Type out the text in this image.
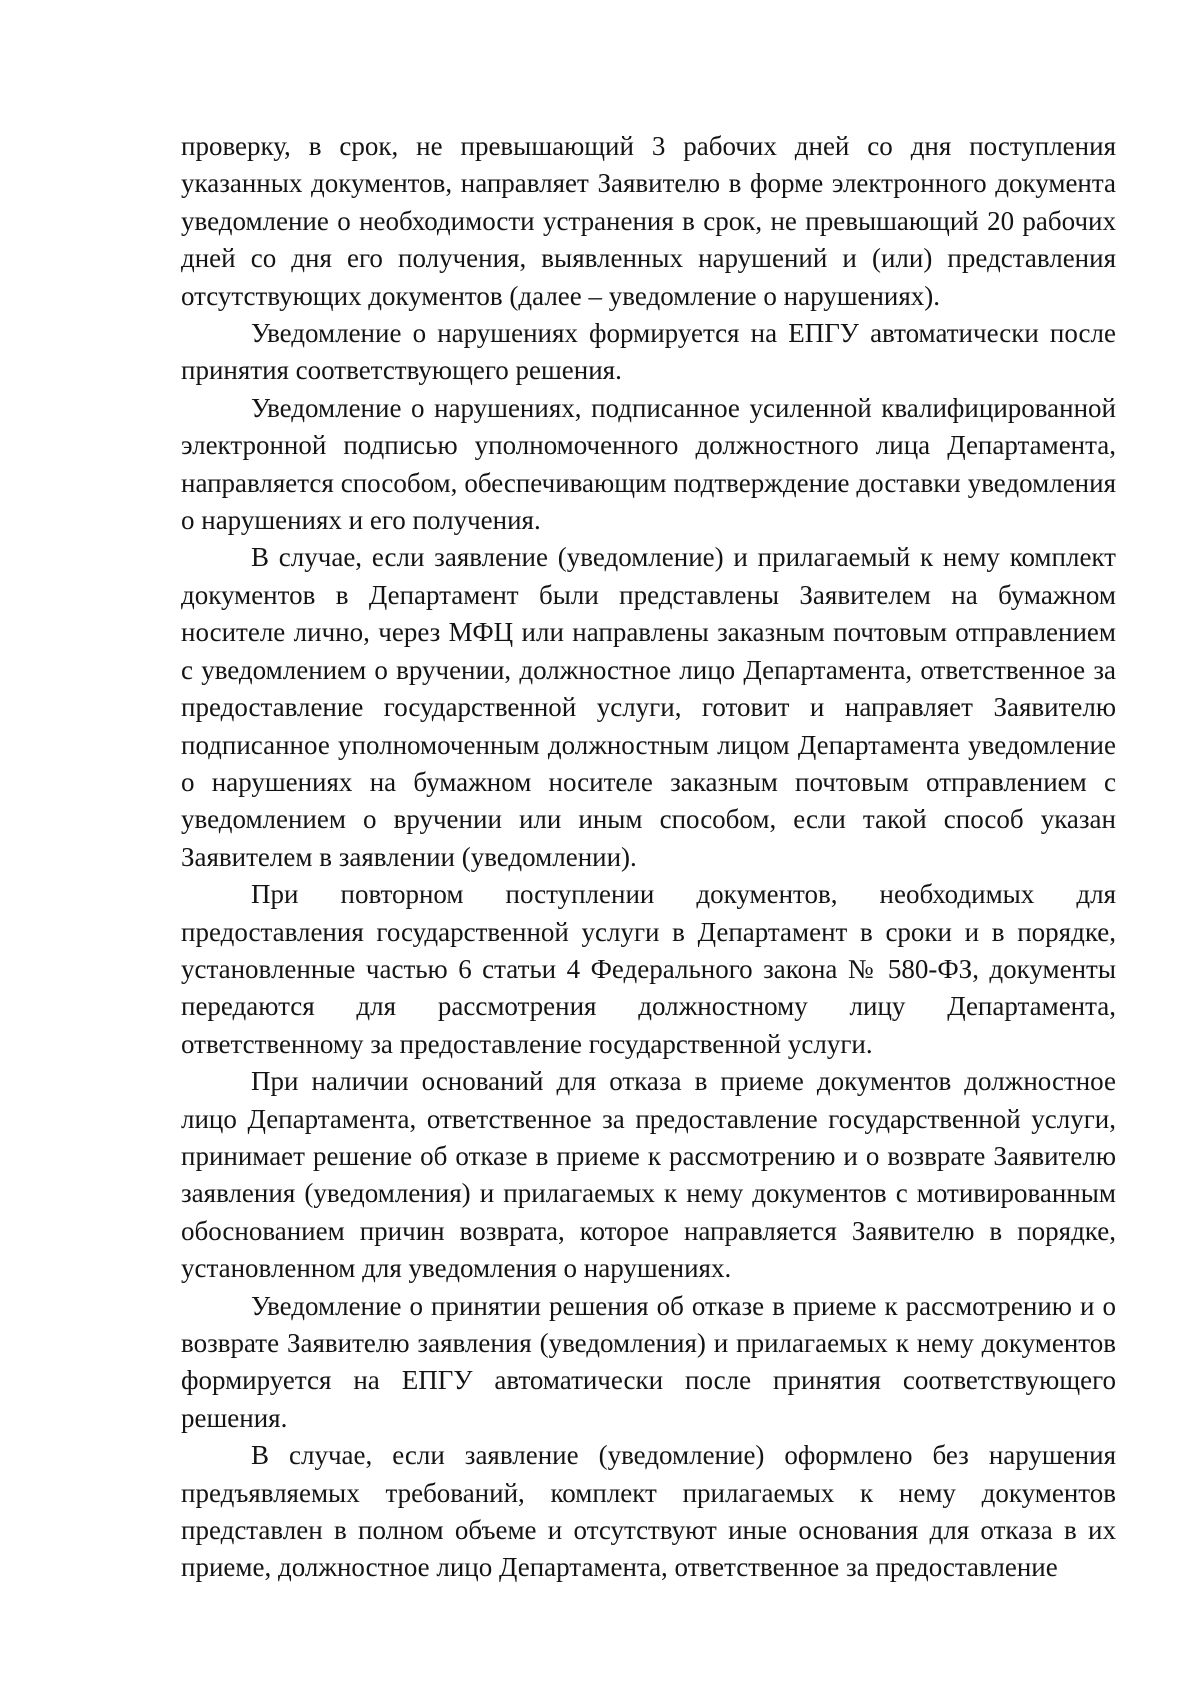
проверку, в срок, не превышающий 3 рабочих дней со дня поступления указанных документов, направляет Заявителю в форме электронного документа уведомление о необходимости устранения в срок, не превышающий 20 рабочих дней со дня его получения, выявленных нарушений и (или) представления отсутствующих документов (далее – уведомление о нарушениях).

Уведомление о нарушениях формируется на ЕПГУ автоматически после принятия соответствующего решения.

Уведомление о нарушениях, подписанное усиленной квалифицированной электронной подписью уполномоченного должностного лица Департамента, направляется способом, обеспечивающим подтверждение доставки уведомления о нарушениях и его получения.

В случае, если заявление (уведомление) и прилагаемый к нему комплект документов в Департамент были представлены Заявителем на бумажном носителе лично, через МФЦ или направлены заказным почтовым отправлением с уведомлением о вручении, должностное лицо Департамента, ответственное за предоставление государственной услуги, готовит и направляет Заявителю подписанное уполномоченным должностным лицом Департамента уведомление о нарушениях на бумажном носителе заказным почтовым отправлением с уведомлением о вручении или иным способом, если такой способ указан Заявителем в заявлении (уведомлении).

При повторном поступлении документов, необходимых для предоставления государственной услуги в Департамент в сроки и в порядке, установленные частью 6 статьи 4 Федерального закона № 580-ФЗ, документы передаются для рассмотрения должностному лицу Департамента, ответственному за предоставление государственной услуги.

При наличии оснований для отказа в приеме документов должностное лицо Департамента, ответственное за предоставление государственной услуги, принимает решение об отказе в приеме к рассмотрению и о возврате Заявителю заявления (уведомления) и прилагаемых к нему документов с мотивированным обоснованием причин возврата, которое направляется Заявителю в порядке, установленном для уведомления о нарушениях.

Уведомление о принятии решения об отказе в приеме к рассмотрению и о возврате Заявителю заявления (уведомления) и прилагаемых к нему документов формируется на ЕПГУ автоматически после принятия соответствующего решения.

В случае, если заявление (уведомление) оформлено без нарушения предъявляемых требований, комплект прилагаемых к нему документов представлен в полном объеме и отсутствуют иные основания для отказа в их приеме, должностное лицо Департамента, ответственное за предоставление
